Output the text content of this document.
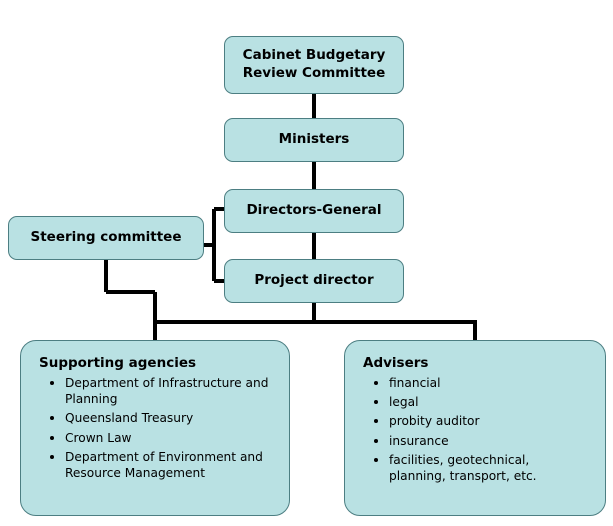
Cabinet Budgetary
Review Committee
Ministers
Directors-General
Project director
Steering committee
Supporting agencies
Department of Infrastructure and Planning
Queensland Treasury
Crown Law
Department of Environment and Resource Management
Advisers
financial
legal
probity auditor
insurance
facilities, geotechnical, planning, transport, etc.
